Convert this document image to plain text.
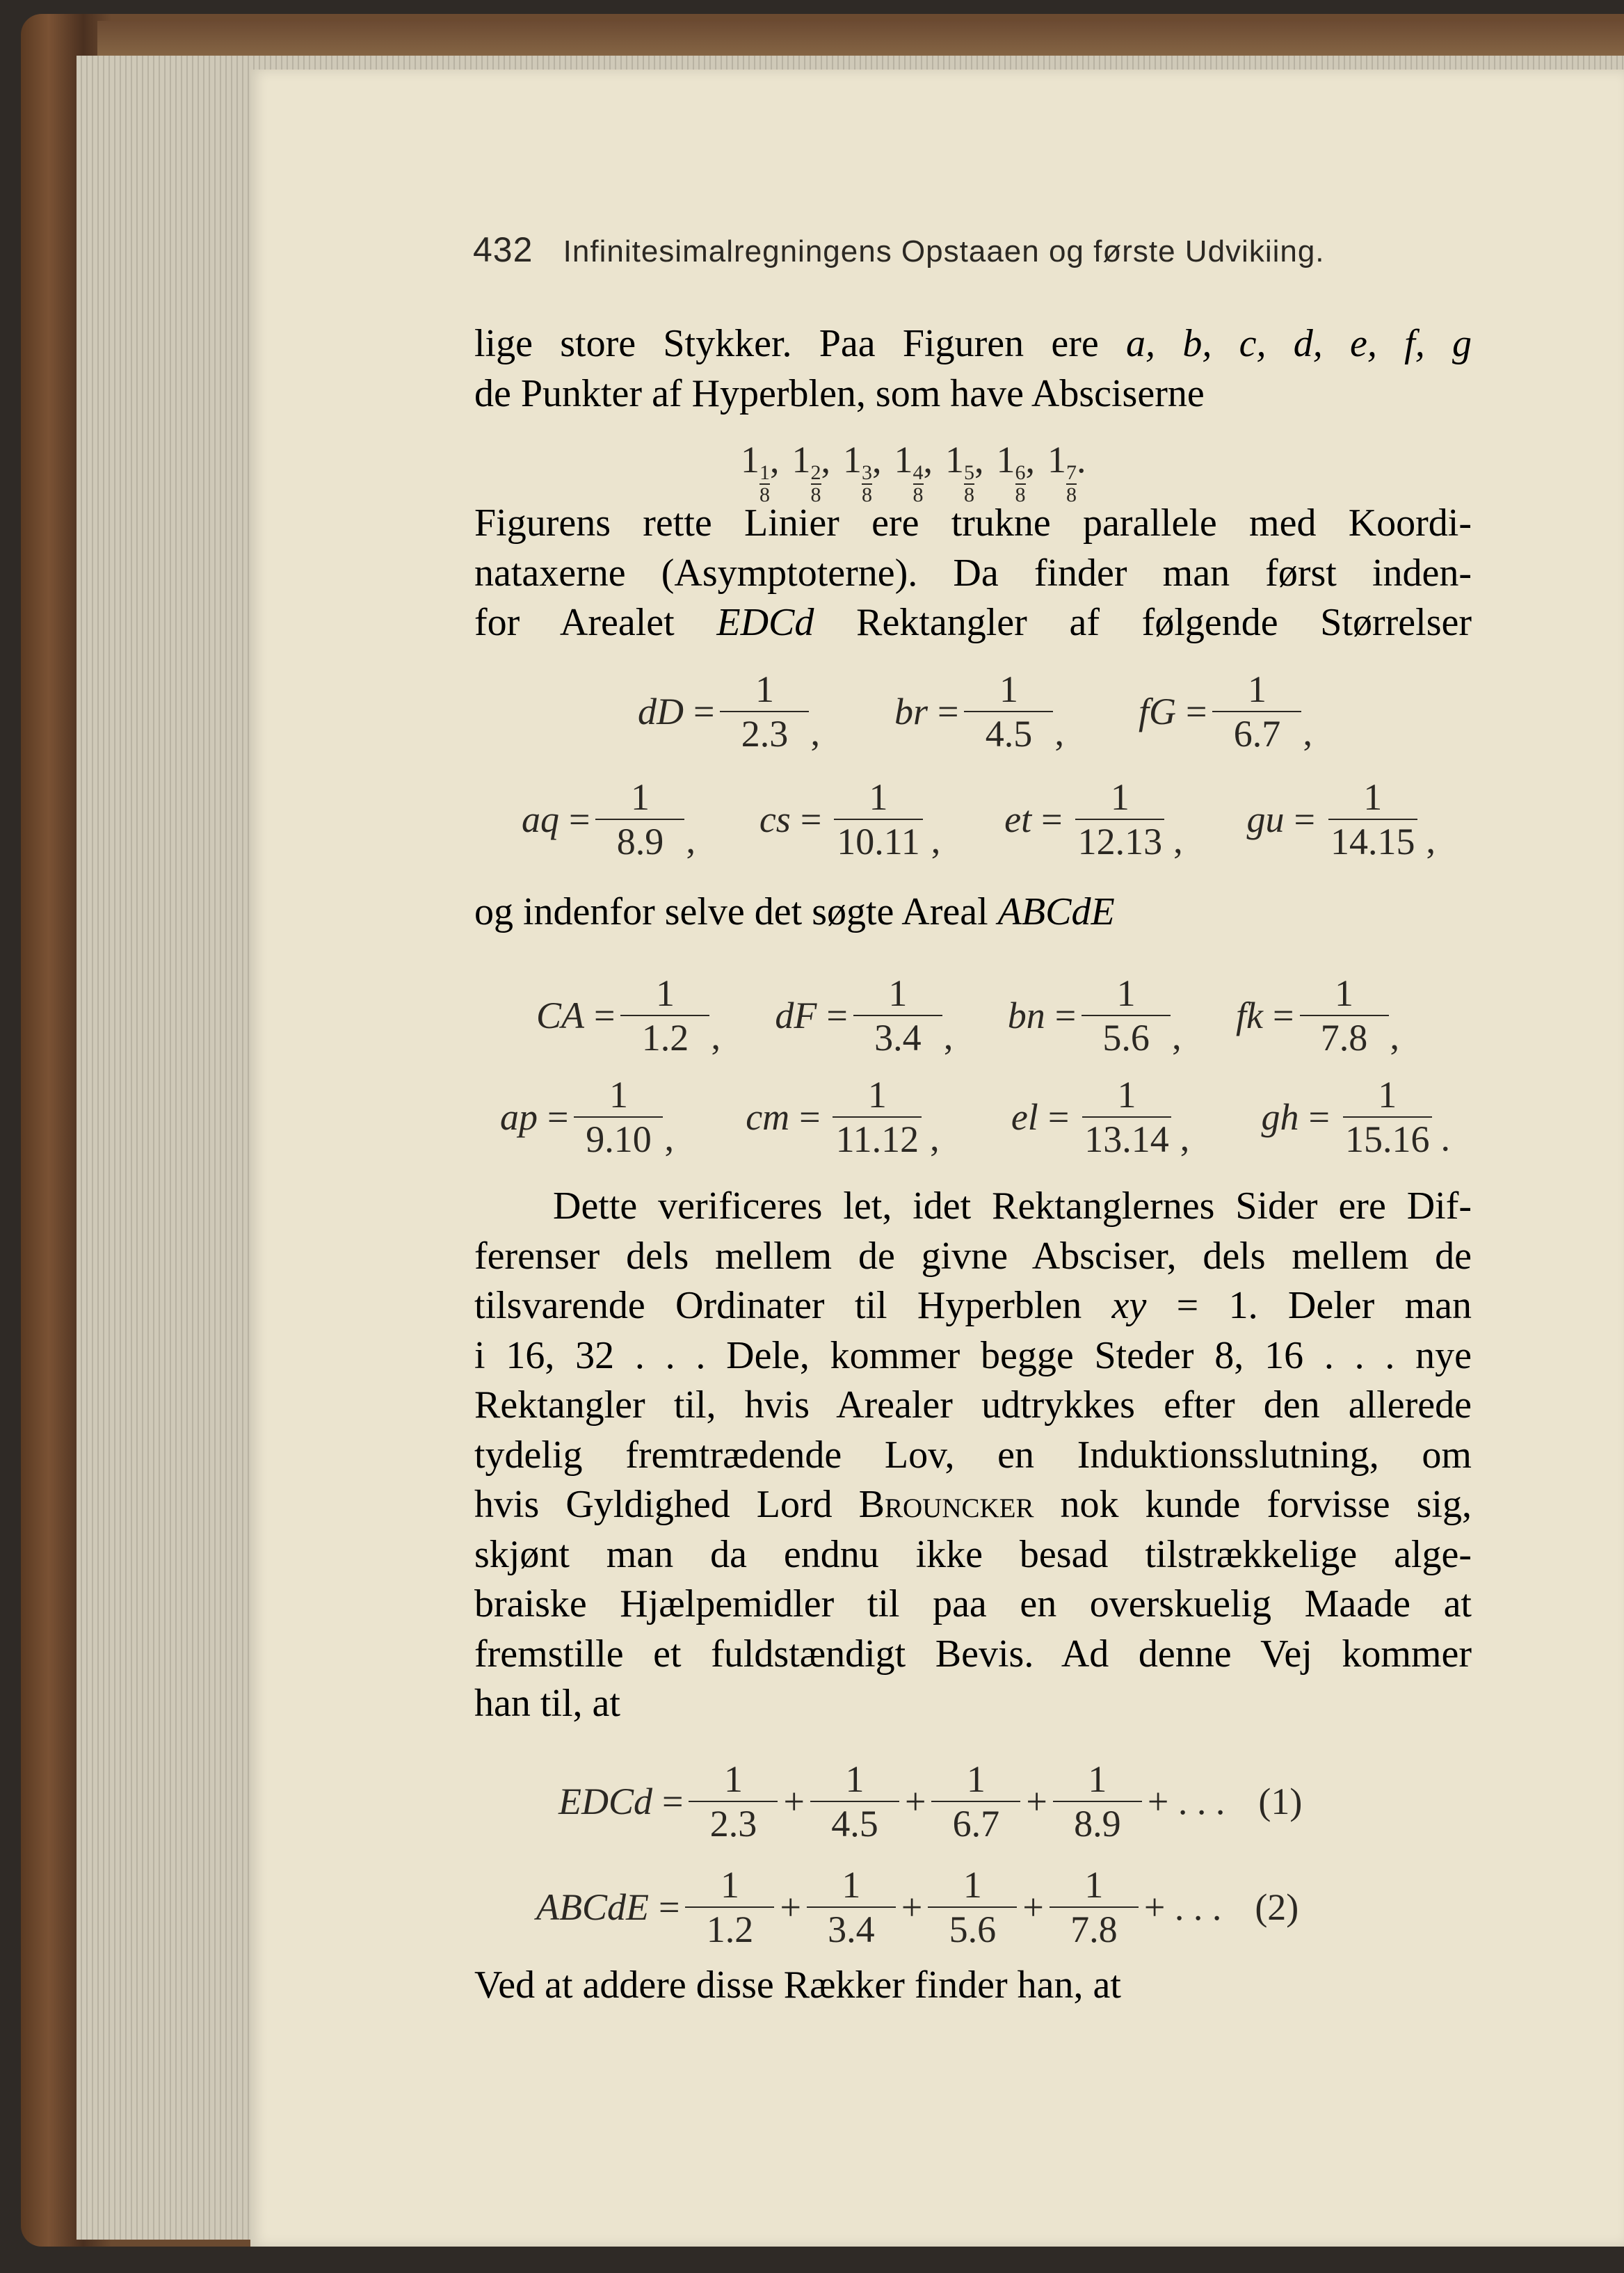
432 Infinitesimalregningens Opstaaen og første Udvikiing.
lige store Stykker. Paa Figuren ere a, b, c, d, e, f, g
de Punkter af Hyperblen, som have Absciserne
1
$\frac{1}{8}$
, 1
$\frac{2}{8}$
, 1
$\frac{3}{8}$
, 1
$\frac{4}{8}$
, 1
$\frac{5}{8}$
, 1
$\frac{6}{8}$
, 1
$\frac{7}{8}$
.
Figurens rette Linier ere trukne parallele med Koordi-
nataxerne (Asymptoterne). Da finder man først inden-
for Arealet EDCd Rektangler af følgende Størrelser
dD = $\frac{1}{2.3}$ , br = $\frac{1}{4.5}$ , fG = $\frac{1}{6.7}$ ,
aq = $\frac{1}{8.9}$ , cs = $\frac{1}{10.11}$ , et = $\frac{1}{12.13}$ , gu = $\frac{1}{14.15}$ ,
og indenfor selve det søgte Areal ABCdE
CA = $\frac{1}{1.2}$ , dF = $\frac{1}{3.4}$ , bn = $\frac{1}{5.6}$ , fk = $\frac{1}{7.8}$ ,
ap = $\frac{1}{9.10}$ , cm = $\frac{1}{11.12}$ , el = $\frac{1}{13.14}$ , gh = $\frac{1}{15.16}$ .
Dette verificeres let, idet Rektanglernes Sider ere Dif-
ferenser dels mellem de givne Absciser, dels mellem de
tilsvarende Ordinater til Hyperblen xy = 1. Deler man
i 16, 32 . . . Dele, kommer begge Steder 8, 16 . . . nye
Rektangler til, hvis Arealer udtrykkes efter den allerede
tydelig fremtrædende Lov, en Induktionsslutning, om
hvis Gyldighed Lord Brouncker nok kunde forvisse sig,
skjønt man da endnu ikke besad tilstrækkelige alge-
braiske Hjælpemidler til paa en overskuelig Maade at
fremstille et fuldstændigt Bevis. Ad denne Vej kommer
han til, at
EDCd = $\frac{1}{2.3} + \frac{1}{4.5} + \frac{1}{6.7} + \frac{1}{8.9}$ + . . . (1)
ABCdE = $\frac{1}{1.2} + \frac{1}{3.4} + \frac{1}{5.6} + \frac{1}{7.8}$ + . . . (2)
Ved at addere disse Rækker finder han, at
